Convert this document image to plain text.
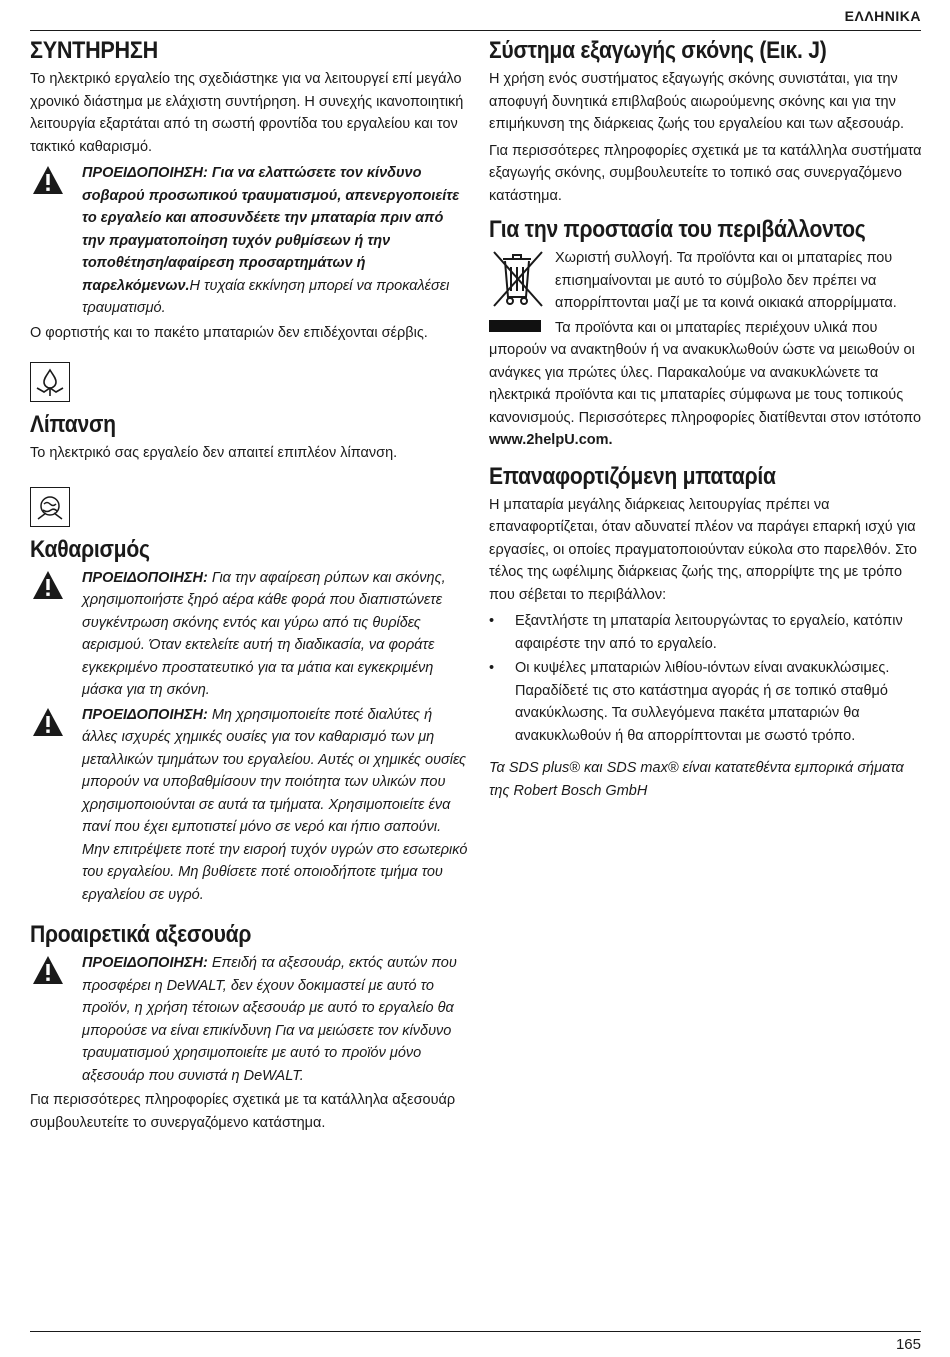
ΕΛΛΗΝΙΚΑ
ΣΥΝΤΗΡΗΣΗ

Το ηλεκτρικό εργαλείο της σχεδιάστηκε για να λειτουργεί επί μεγάλο χρονικό διάστημα με ελάχιστη συντήρηση. Η συνεχής ικανοποιητική λειτουργία εξαρτάται από τη σωστή φροντίδα του εργαλείου και τον τακτικό καθαρισμό.

ΠΡΟΕΙΔΟΠΟΙΗΣΗ: Για να ελαττώσετε τον κίνδυνο σοβαρού προσωπικού τραυματισμού, απενεργοποιείτε το εργαλείο και αποσυνδέετε την μπαταρία πριν από την πραγματοποίηση τυχόν ρυθμίσεων ή την τοποθέτηση/αφαίρεση προσαρτημάτων ή παρελκόμενων.Η τυχαία εκκίνηση μπορεί να προκαλέσει τραυματισμό.

Ο φορτιστής και το πακέτο μπαταριών δεν επιδέχονται σέρβις.

Λίπανση

Το ηλεκτρικό σας εργαλείο δεν απαιτεί επιπλέον λίπανση.

Καθαρισμός
ΠΡΟΕΙΔΟΠΟΙΗΣΗ: Για την αφαίρεση ρύπων και σκόνης, χρησιμοποιήστε ξηρό αέρα κάθε φορά που διαπιστώνετε συγκέντρωση σκόνης εντός και γύρω από τις θυρίδες αερισμού. Όταν εκτελείτε αυτή τη διαδικασία, να φοράτε εγκεκριμένο προστατευτικό για τα μάτια και εγκεκριμένη μάσκα για τη σκόνη.
ΠΡΟΕΙΔΟΠΟΙΗΣΗ: Μη χρησιμοποιείτε ποτέ διαλύτες ή άλλες ισχυρές χημικές ουσίες για τον καθαρισμό των μη μεταλλικών τμημάτων του εργαλείου. Αυτές οι χημικές ουσίες μπορούν να υποβαθμίσουν την ποιότητα των υλικών που χρησιμοποιούνται σε αυτά τα τμήματα. Χρησιμοποιείτε ένα πανί που έχει εμποτιστεί μόνο σε νερό και ήπιο σαπούνι. Μην επιτρέψετε ποτέ την εισροή τυχόν υγρών στο εσωτερικό του εργαλείου. Μη βυθίσετε ποτέ οποιοδήποτε τμήμα του εργαλείου σε υγρό.
Προαιρετικά αξεσουάρ
ΠΡΟΕΙΔΟΠΟΙΗΣΗ: Επειδή τα αξεσουάρ, εκτός αυτών που προσφέρει η DeWALT, δεν έχουν δοκιμαστεί με αυτό το προϊόν, η χρήση τέτοιων αξεσουάρ με αυτό το εργαλείο θα μπορούσε να είναι επικίνδυνη Για να μειώσετε τον κίνδυνο τραυματισμού χρησιμοποιείτε με αυτό το προϊόν μόνο αξεσουάρ που συνιστά η DeWALT.

Για περισσότερες πληροφορίες σχετικά με τα κατάλληλα αξεσουάρ συμβουλευτείτε το συνεργαζόμενο κατάστημα.

Σύστημα εξαγωγής σκόνης (Εικ. J)

Η χρήση ενός συστήματος εξαγωγής σκόνης συνιστάται, για την αποφυγή δυνητικά επιβλαβούς αιωρούμενης σκόνης και για την επιμήκυνση της διάρκειας ζωής του εργαλείου και των αξεσουάρ.

Για περισσότερες πληροφορίες σχετικά με τα κατάλληλα συστήματα εξαγωγής σκόνης, συμβουλευτείτε το τοπικό σας συνεργαζόμενο κατάστημα.

Για την προστασία του περιβάλλοντος

Χωριστή συλλογή. Τα προϊόντα και οι μπαταρίες που επισημαίνονται με αυτό το σύμβολο δεν πρέπει να απορρίπτονται μαζί με τα κοινά οικιακά απορρίμματα.

Τα προϊόντα και οι μπαταρίες περιέχουν υλικά που μπορούν να ανακτηθούν ή να ανακυκλωθούν ώστε να μειωθούν οι ανάγκες για πρώτες ύλες. Παρακαλούμε να ανακυκλώνετε τα ηλεκτρικά προϊόντα και τις μπαταρίες σύμφωνα με τους τοπικούς κανονισμούς. Περισσότερες πληροφορίες διατίθενται στον ιστότοπο www.2helpU.com.

Επαναφορτιζόμενη μπαταρία

Η μπαταρία μεγάλης διάρκειας λειτουργίας πρέπει να επαναφορτίζεται, όταν αδυνατεί πλέον να παράγει επαρκή ισχύ για εργασίες, οι οποίες πραγματοποιούνταν εύκολα στο παρελθόν. Στο τέλος της ωφέλιμης διάρκειας ζωής της, απορρίψτε της με τρόπο που σέβεται το περιβάλλον:

• Εξαντλήστε τη μπαταρία λειτουργώντας το εργαλείο, κατόπιν αφαιρέστε την από το εργαλείο.
• Οι κυψέλες μπαταριών λιθίου-ιόντων είναι ανακυκλώσιμες. Παραδίδετέ τις στο κατάστημα αγοράς ή σε τοπικό σταθμό ανακύκλωσης. Τα συλλεγόμενα πακέτα μπαταριών θα ανακυκλωθούν ή θα απορρίπτονται με σωστό τρόπο.

Τα SDS plus® και SDS max® είναι κατατεθέντα εμπορικά σήματα της Robert Bosch GmbH

165
